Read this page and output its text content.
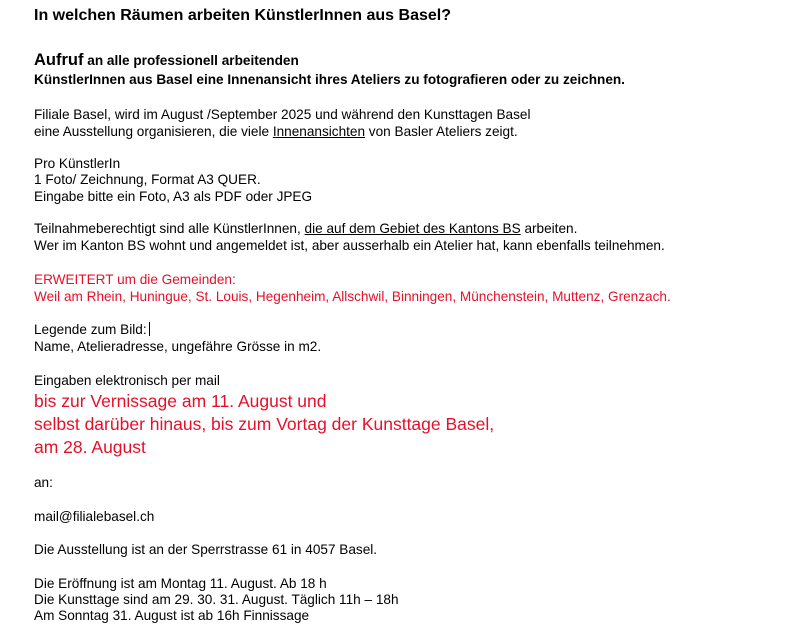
In welchen Räumen arbeiten KünstlerInnen aus Basel?
Aufruf an alle professionell arbeitenden
KünstlerInnen aus Basel eine Innenansicht ihres Ateliers zu fotografieren oder zu zeichnen.
Filiale Basel, wird im August /September 2025 und während den Kunsttagen Basel
eine Ausstellung organisieren, die viele Innenansichten von Basler Ateliers zeigt.
Pro KünstlerIn
1 Foto/ Zeichnung, Format A3 QUER.
Eingabe bitte ein Foto, A3 als PDF oder JPEG
Teilnahmeberechtigt sind alle KünstlerInnen, die auf dem Gebiet des Kantons BS arbeiten.
Wer im Kanton BS wohnt und angemeldet ist, aber ausserhalb ein Atelier hat, kann ebenfalls teilnehmen.
ERWEITERT um die Gemeinden:
Weil am Rhein, Huningue, St. Louis, Hegenheim, Allschwil, Binningen, Münchenstein, Muttenz, Grenzach.
Legende zum Bild:
Name, Atelieradresse, ungefähre Grösse in m2.
Eingaben elektronisch per mail
bis zur Vernissage am 11. August und
selbst darüber hinaus, bis zum Vortag der Kunsttage Basel,
am 28. August
an:
mail@filialebasel.ch
Die Ausstellung ist an der Sperrstrasse 61 in 4057 Basel.
Die Eröffnung ist am Montag 11. August. Ab 18 h
Die Kunsttage sind am 29. 30. 31. August. Täglich 11h – 18h
Am Sonntag 31. August ist ab 16h Finnissage
